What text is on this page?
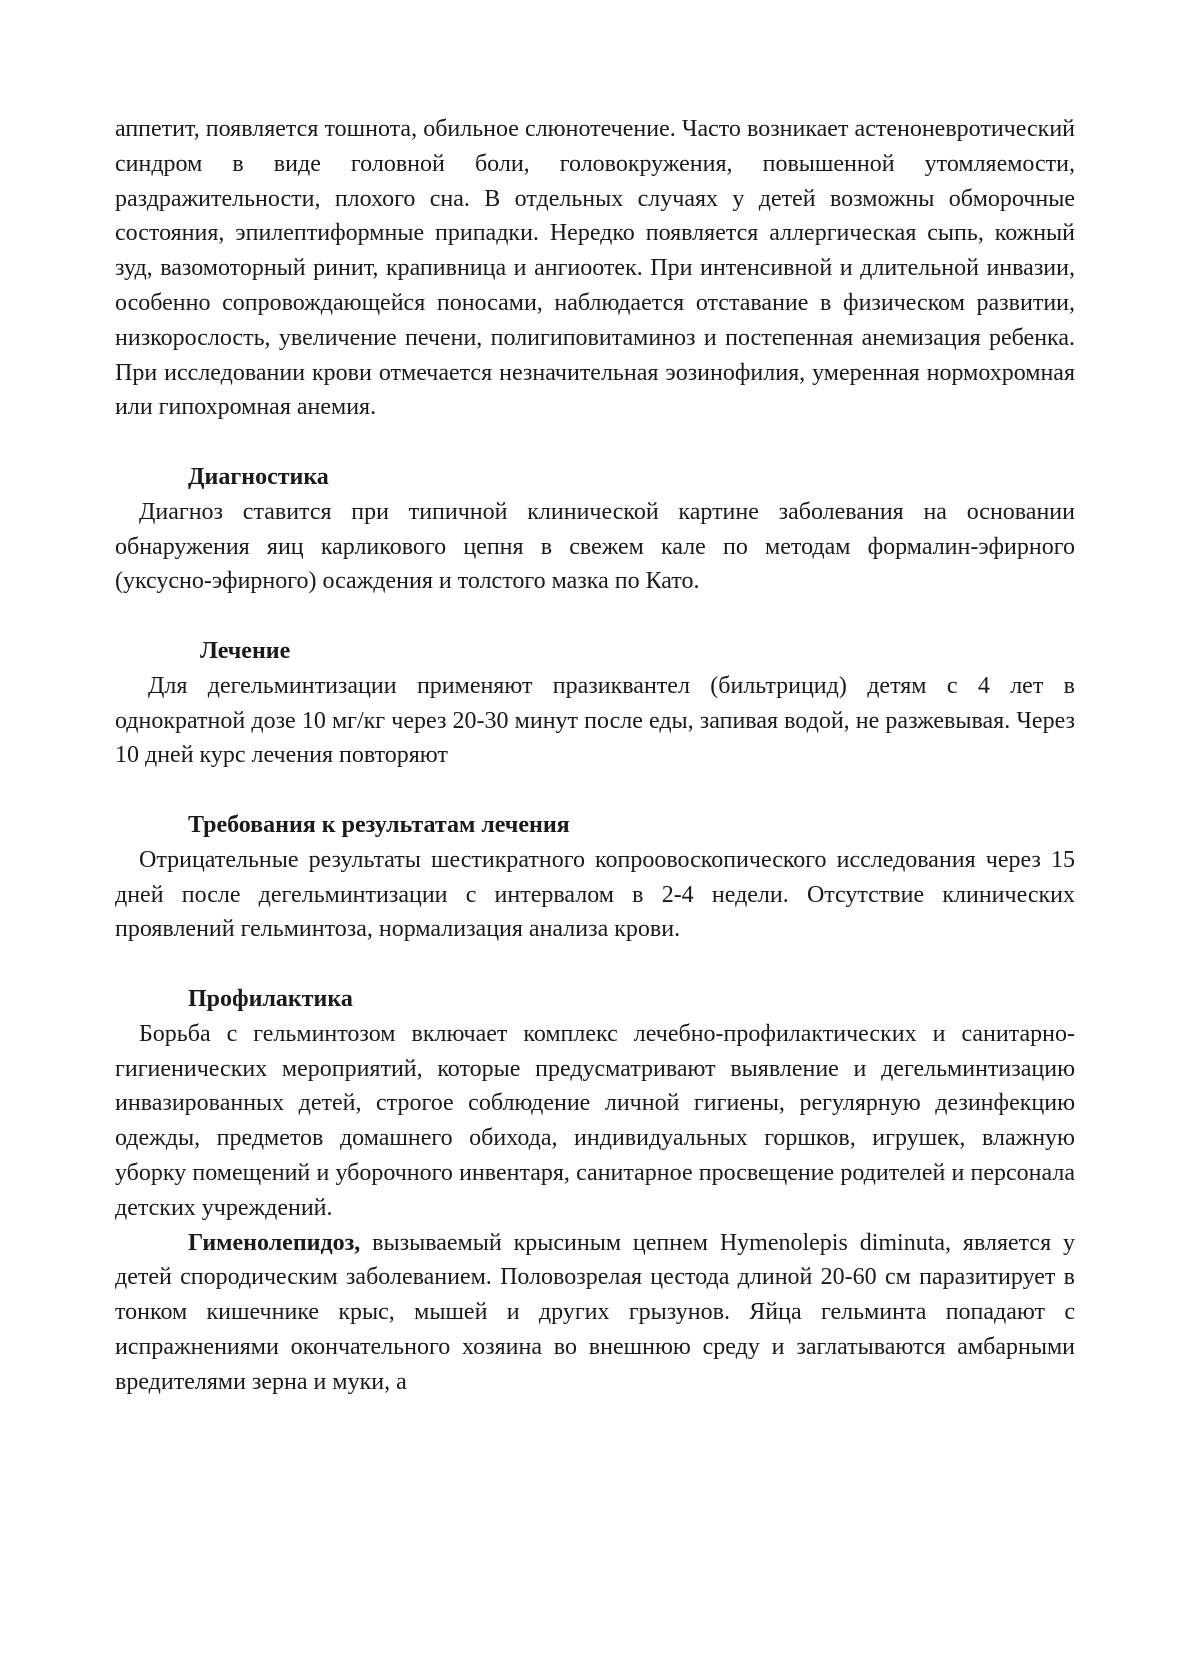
аппетит, появляется тошнота, обильное слюнотечение. Часто возникает астеноневротический синдром в виде головной боли, головокружения, повышенной утомляемости, раздражительности, плохого сна. В отдельных случаях у детей возможны обморочные состояния, эпилептиформные припадки. Нередко появляется аллергическая сыпь, кожный зуд, вазомоторный ринит, крапивница и ангиоотек. При интенсивной и длительной инвазии, особенно сопровождающейся поносами, наблюдается отставание в физическом развитии, низкорослость, увеличение печени, полигиповитаминоз и постепенная анемизация ребенка. При исследовании крови отмечается незначительная эозинофилия, умеренная нормохромная или гипохромная анемия.

Диагностика

Диагноз ставится при типичной клинической картине заболевания на основании обнаружения яиц карликового цепня в свежем кале по методам формалин-эфирного (уксусно-эфирного) осаждения и толстого мазка по Като.

Лечение

Для дегельминтизации применяют празиквантел (бильтрицид) детям с 4 лет в однократной дозе 10 мг/кг через 20-30 минут после еды, запивая водой, не разжевывая. Через 10 дней курс лечения повторяют

Требования к результатам лечения

Отрицательные результаты шестикратного копроовоскопического исследования через 15 дней после дегельминтизации с интервалом в 2-4 недели. Отсутствие клинических проявлений гельминтоза, нормализация анализа крови.

Профилактика

Борьба с гельминтозом включает комплекс лечебно-профилактических и санитарно-гигиенических мероприятий, которые предусматривают выявление и дегельминтизацию инвазированных детей, строгое соблюдение личной гигиены, регулярную дезинфекцию одежды, предметов домашнего обихода, индивидуальных горшков, игрушек, влажную уборку помещений и уборочного инвентаря, санитарное просвещение родителей и персонала детских учреждений.

Гименолепидоз, вызываемый крысиным цепнем Hymenolepis diminuta, является у детей спородическим заболеванием. Половозрелая цестода длиной 20-60 см паразитирует в тонком кишечнике крыс, мышей и других грызунов. Яйца гельминта попадают с испражнениями окончательного хозяина во внешнюю среду и заглатываются амбарными вредителями зерна и муки, а
